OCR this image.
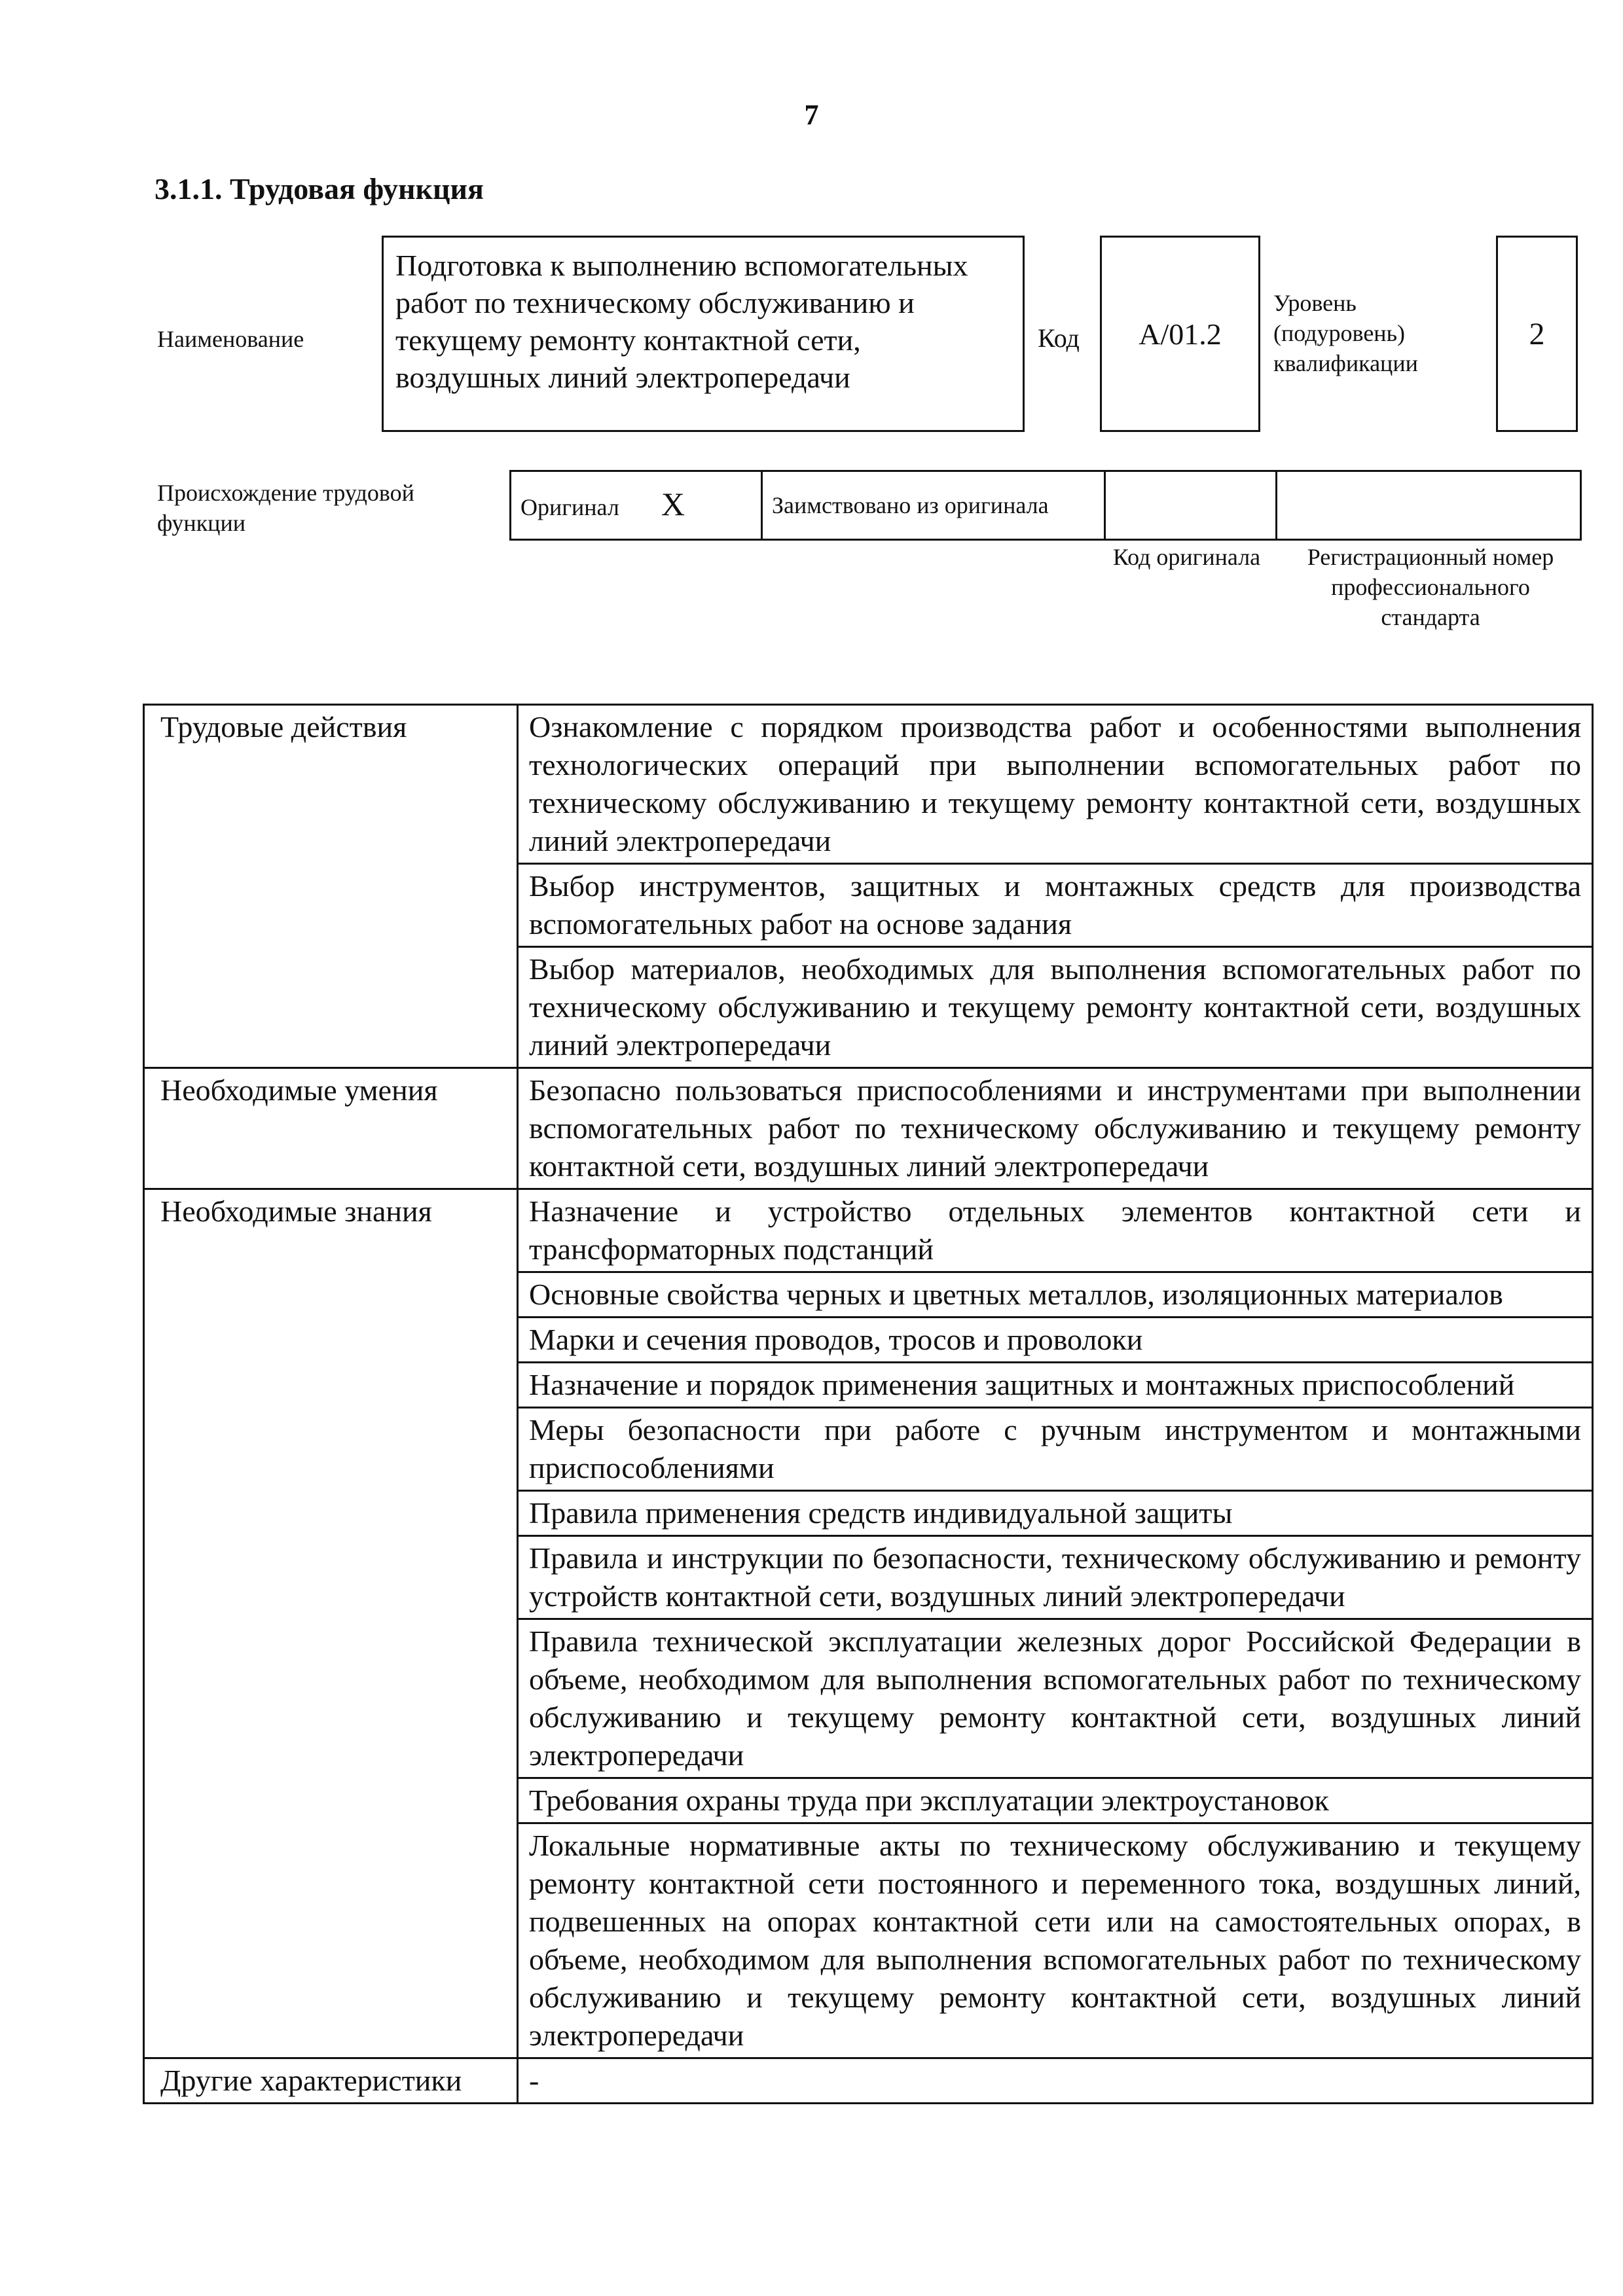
7
3.1.1. Трудовая функция
Наименование
Подготовка к выполнению вспомогательных работ по техническому обслуживанию и текущему ремонту контактной сети, воздушных линий электропередачи
Код	A/01.2
Уровень (подуровень) квалификации
2
Происхождение трудовой функции
Оригинал X	Заимствовано из оригинала		
Код оригинала	Регистрационный номер профессионального стандарта
Трудовые действия	Ознакомление с порядком производства работ и особенностями выполнения технологических операций при выполнении вспомогательных работ по техническому обслуживанию и текущему ремонту контактной сети, воздушных линий электропередачи
	Выбор инструментов, защитных и монтажных средств для производства вспомогательных работ на основе задания
	Выбор материалов, необходимых для выполнения вспомогательных работ по техническому обслуживанию и текущему ремонту контактной сети, воздушных линий электропередачи
Необходимые умения	Безопасно пользоваться приспособлениями и инструментами при выполнении вспомогательных работ по техническому обслуживанию и текущему ремонту контактной сети, воздушных линий электропередачи
Необходимые знания	Назначение и устройство отдельных элементов контактной сети и трансформаторных подстанций
	Основные свойства черных и цветных металлов, изоляционных материалов
	Марки и сечения проводов, тросов и проволоки
	Назначение и порядок применения защитных и монтажных приспособлений
	Меры безопасности при работе с ручным инструментом и монтажными приспособлениями
	Правила применения средств индивидуальной защиты
	Правила и инструкции по безопасности, техническому обслуживанию и ремонту устройств контактной сети, воздушных линий электропередачи
	Правила технической эксплуатации железных дорог Российской Федерации в объеме, необходимом для выполнения вспомогательных работ по техническому обслуживанию и текущему ремонту контактной сети, воздушных линий электропередачи
	Требования охраны труда при эксплуатации электроустановок
	Локальные нормативные акты по техническому обслуживанию и текущему ремонту контактной сети постоянного и переменного тока, воздушных линий, подвешенных на опорах контактной сети или на самостоятельных опорах, в объеме, необходимом для выполнения вспомогательных работ по техническому обслуживанию и текущему ремонту контактной сети, воздушных линий электропередачи
Другие характеристики	-
